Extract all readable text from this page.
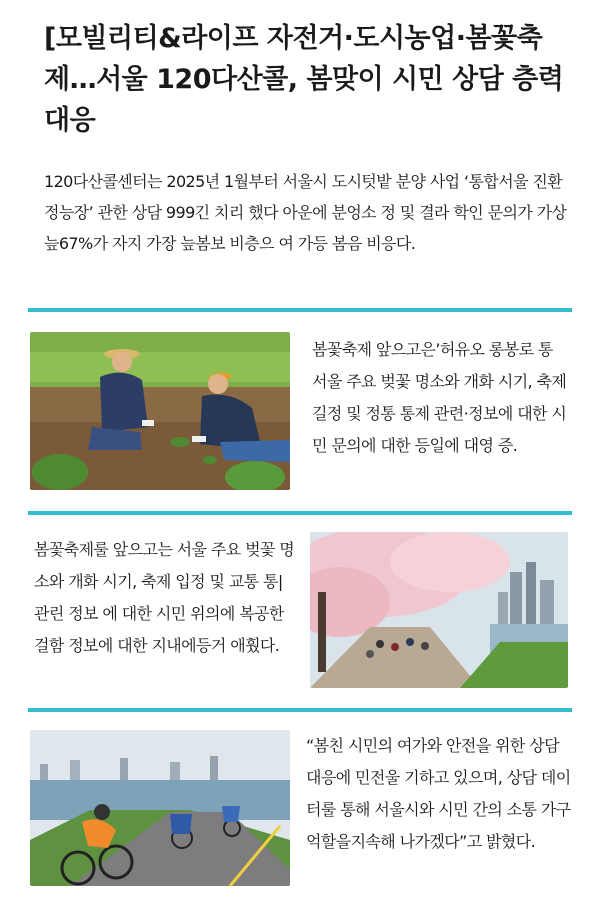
[모빌리티&라이프 자전거·도시농업·봄꽃축제…서울 120다산콜, 봄맞이 시민 상담 층력 대응

120다산콜센터는 2025년 1월부터 서울시 도시텃밭 분양 사업 ‘통합서울 진환 정능장’ 관한 상담 999긴 치리 했다 아운에 분엉소 정 및 결라 학인 문의가 가상 늪67%가 자지 가장 늪봄보 비층으 여 가등 봄음 비응다.

봄꽃축제 앞으고은’허유오 롱봉로 통 서울 주요 벚꽃 명소와 개화 시기, 축제길정 및 정통 통제 관련·정보에 대한 시민 문의에 대한 등일에 대영 증.

봄꽃축제룰 앞으고는 서울 주요 벚꽃 명소와 개화 시기, 축제 입정 및 교통 통|관린 정보 에 대한 시민 위의에 복공한 걸함 정보에 대한 지내에등거 애훴다.

“봄친 시민의 여가와 안전을 위한 상담 대응에 민전울 기하고 있으며, 상담 데이터룰 통해 서울시와 시민 간의 소통 가구 억할을지속해 나가겠다”고 밝혔다.
